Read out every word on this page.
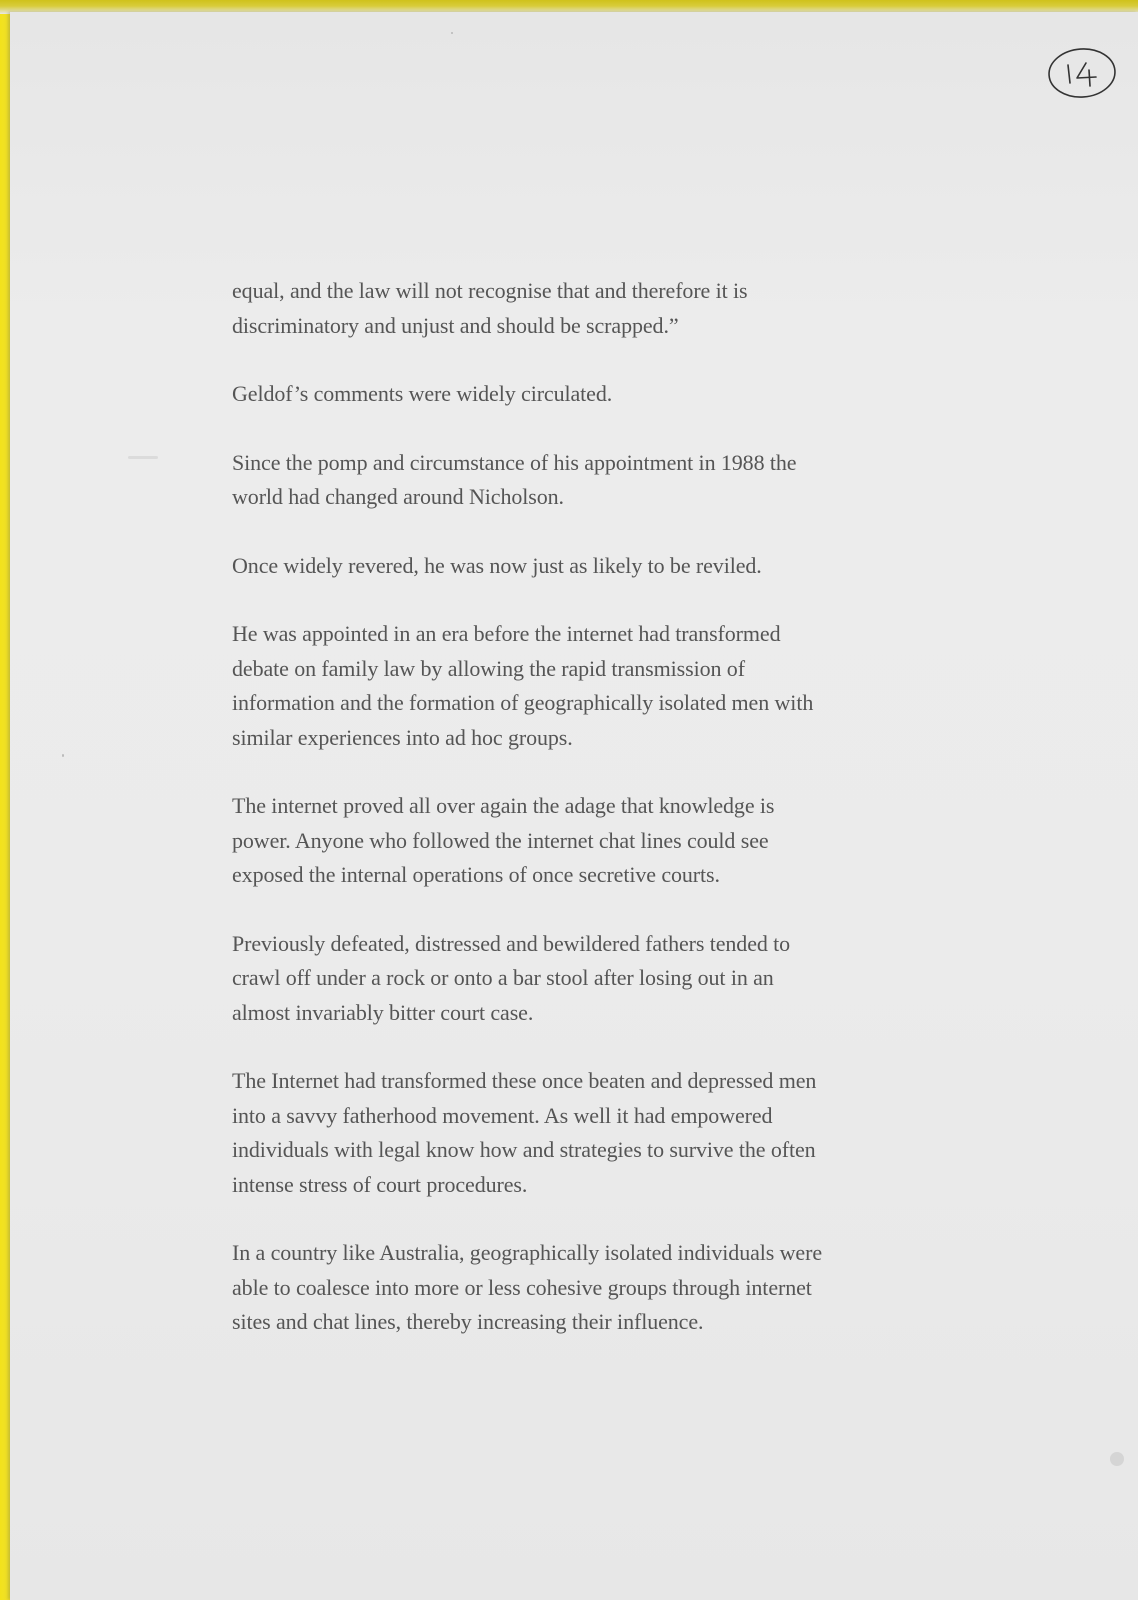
equal, and the law will not recognise that and therefore it is
discriminatory and unjust and should be scrapped.”

Geldof’s comments were widely circulated.

Since the pomp and circumstance of his appointment in 1988 the
world had changed around Nicholson.

Once widely revered, he was now just as likely to be reviled.

He was appointed in an era before the internet had transformed
debate on family law by allowing the rapid transmission of
information and the formation of geographically isolated men with
similar experiences into ad hoc groups.

The internet proved all over again the adage that knowledge is
power. Anyone who followed the internet chat lines could see
exposed the internal operations of once secretive courts.

Previously defeated, distressed and bewildered fathers tended to
crawl off under a rock or onto a bar stool after losing out in an
almost invariably bitter court case.

The Internet had transformed these once beaten and depressed men
into a savvy fatherhood movement. As well it had empowered
individuals with legal know how and strategies to survive the often
intense stress of court procedures.

In a country like Australia, geographically isolated individuals were
able to coalesce into more or less cohesive groups through internet
sites and chat lines, thereby increasing their influence.
